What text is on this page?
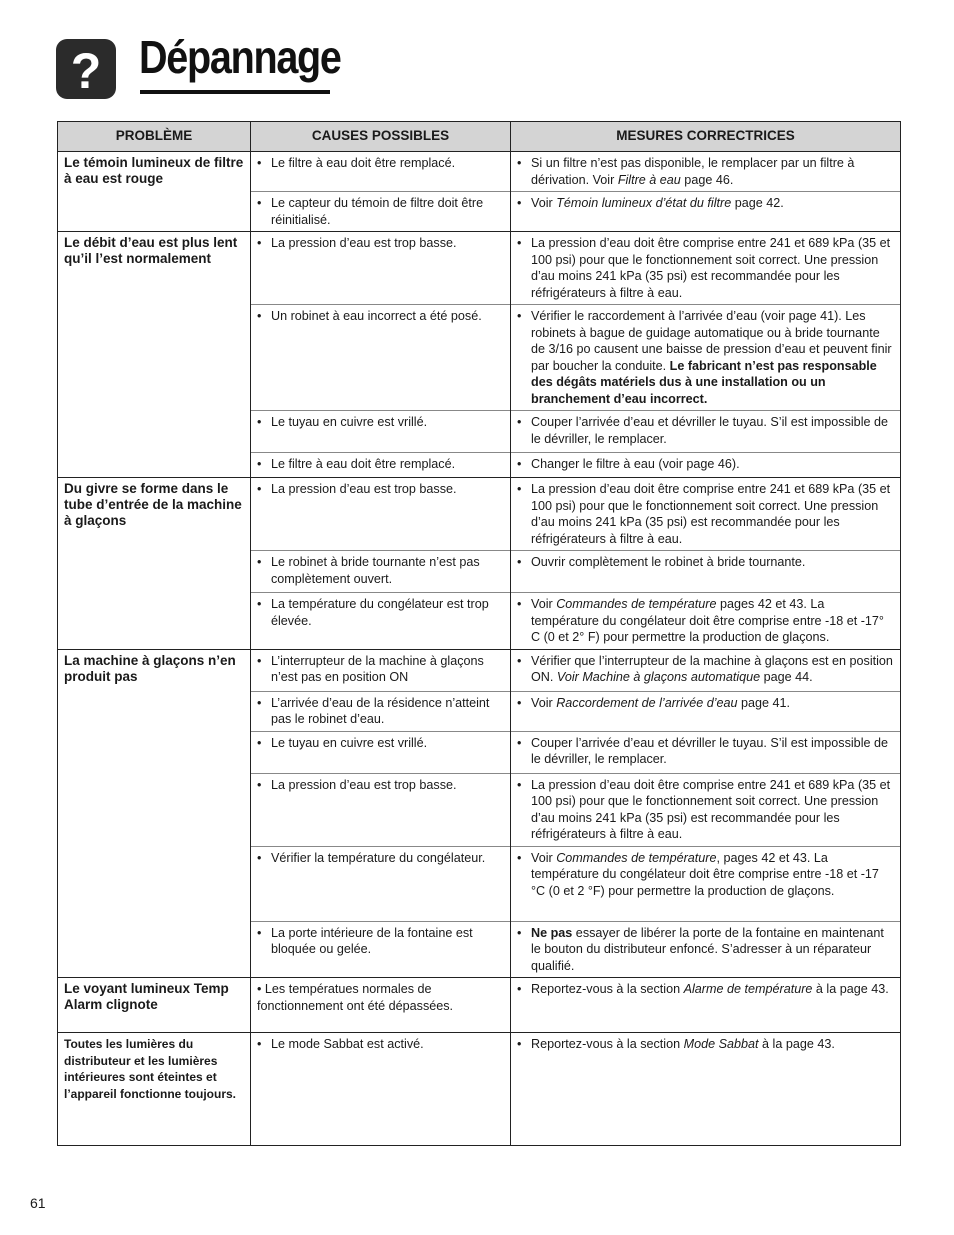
? Dépannage
PROBLÈME	CAUSES POSSIBLES	MESURES CORRECTRICES
Le témoin lumineux de filtre à eau est rouge	• Le filtre à eau doit être remplacé.	• Si un filtre n’est pas disponible, le remplacer par un filtre à dérivation. Voir Filtre à eau page 46.

	• Le capteur du témoin de filtre doit être réinitialisé.	• Voir Témoin lumineux d’état du filtre page 42.

Le débit d’eau est plus lent qu’il l’est normalement	• La pression d’eau est trop basse.	• La pression d’eau doit être comprise entre 241 et 689 kPa (35 et 100 psi) pour que le fonctionnement soit correct. Une pression d’au moins 241 kPa (35 psi) est recommandée pour les réfrigérateurs à filtre à eau.

	• Un robinet à eau incorrect a été posé.	• Vérifier le raccordement à l’arrivée d’eau (voir page 41). Les robinets à bague de guidage automatique ou à bride tournante de 3/16 po causent une baisse de pression d’eau et peuvent finir par boucher la conduite. Le fabricant n’est pas responsable des dégâts matériels dus à une installation ou un branchement d’eau incorrect.

	• Le tuyau en cuivre est vrillé.	• Couper l’arrivée d’eau et dévriller le tuyau. S’il est impossible de le dévriller, le remplacer.

	• Le filtre à eau doit être remplacé.	• Changer le filtre à eau (voir page 46).

Du givre se forme dans le tube d’entrée de la machine à glaçons	• La pression d’eau est trop basse.	• La pression d’eau doit être comprise entre 241 et 689 kPa (35 et 100 psi) pour que le fonctionnement soit correct. Une pression d’au moins 241 kPa (35 psi) est recommandée pour les réfrigérateurs à filtre à eau.

	• Le robinet à bride tournante n’est pas complètement ouvert.	• Ouvrir complètement le robinet à bride tournante.

	• La température du congélateur est trop élevée.	• Voir Commandes de température pages 42 et 43. La température du congélateur doit être comprise entre -18 et -17° C (0 et 2° F) pour permettre la production de glaçons.

La machine à glaçons n’en produit pas	• L’interrupteur de la machine à glaçons n’est pas en position ON	• Vérifier que l’interrupteur de la machine à glaçons est en position ON. Voir Machine à glaçons automatique page 44.

	• L’arrivée d’eau de la résidence n’atteint pas le robinet d’eau.	• Voir Raccordement de l’arrivée d’eau page 41.

	• Le tuyau en cuivre est vrillé.	• Couper l’arrivée d’eau et dévriller le tuyau. S’il est impossible de le dévriller, le remplacer.

	• La pression d’eau est trop basse.	• La pression d’eau doit être comprise entre 241 et 689 kPa (35 et 100 psi) pour que le fonctionnement soit correct. Une pression d’au moins 241 kPa (35 psi) est recommandée pour les réfrigérateurs à filtre à eau.

	• Vérifier la température du congélateur.	• Voir Commandes de température, pages 42 et 43. La température du congélateur doit être comprise entre -18 et -17 °C (0 et 2 °F) pour permettre la production de glaçons.

	• La porte intérieure de la fontaine est bloquée ou gelée.	• Ne pas essayer de libérer la porte de la fontaine en maintenant le bouton du distributeur enfoncé. S’adresser à un réparateur qualifié.

Le voyant lumineux Temp Alarm clignote	• Les températues normales de fonctionnement ont été dépassées.	• Reportez-vous à la section Alarme de température à la page 43.

Toutes les lumières du distributeur et les lumières intérieures sont éteintes et l’appareil fonctionne toujours.	• Le mode Sabbat est activé.	• Reportez-vous à la section Mode Sabbat à la page 43.
61
